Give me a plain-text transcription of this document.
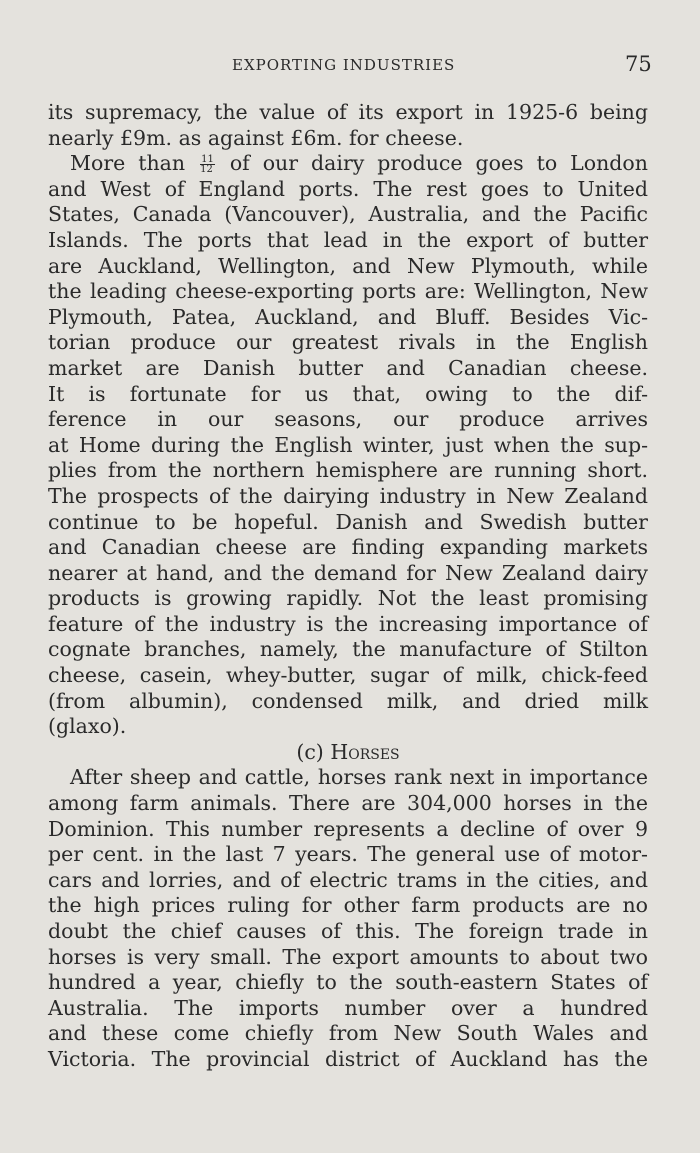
EXPORTING INDUSTRIES	75
its supremacy, the value of its export in 1925-6 being
nearly £9m. as against £6m. for cheese.
More than $\frac{11}{12}$ of our dairy produce goes to London
and West of England ports. The rest goes to United
States, Canada (Vancouver), Australia, and the Pacific
Islands. The ports that lead in the export of butter
are Auckland, Wellington, and New Plymouth, while
the leading cheese-exporting ports are: Wellington, New
Plymouth, Patea, Auckland, and Bluff. Besides Vic-
torian produce our greatest rivals in the English
market are Danish butter and Canadian cheese.
It is fortunate for us that, owing to the dif-
ference in our seasons, our produce arrives
at Home during the English winter, just when the sup-
plies from the northern hemisphere are running short.
The prospects of the dairying industry in New Zealand
continue to be hopeful. Danish and Swedish butter
and Canadian cheese are finding expanding markets
nearer at hand, and the demand for New Zealand dairy
products is growing rapidly. Not the least promising
feature of the industry is the increasing importance of
cognate branches, namely, the manufacture of Stilton
cheese, casein, whey-butter, sugar of milk, chick-feed
(from albumin), condensed milk, and dried milk
(glaxo).
(c) Horses
After sheep and cattle, horses rank next in importance
among farm animals. There are 304,000 horses in the
Dominion. This number represents a decline of over 9
per cent. in the last 7 years. The general use of motor-
cars and lorries, and of electric trams in the cities, and
the high prices ruling for other farm products are no
doubt the chief causes of this. The foreign trade in
horses is very small. The export amounts to about two
hundred a year, chiefly to the south-eastern States of
Australia. The imports number over a hundred
and these come chiefly from New South Wales and
Victoria. The provincial district of Auckland has the
